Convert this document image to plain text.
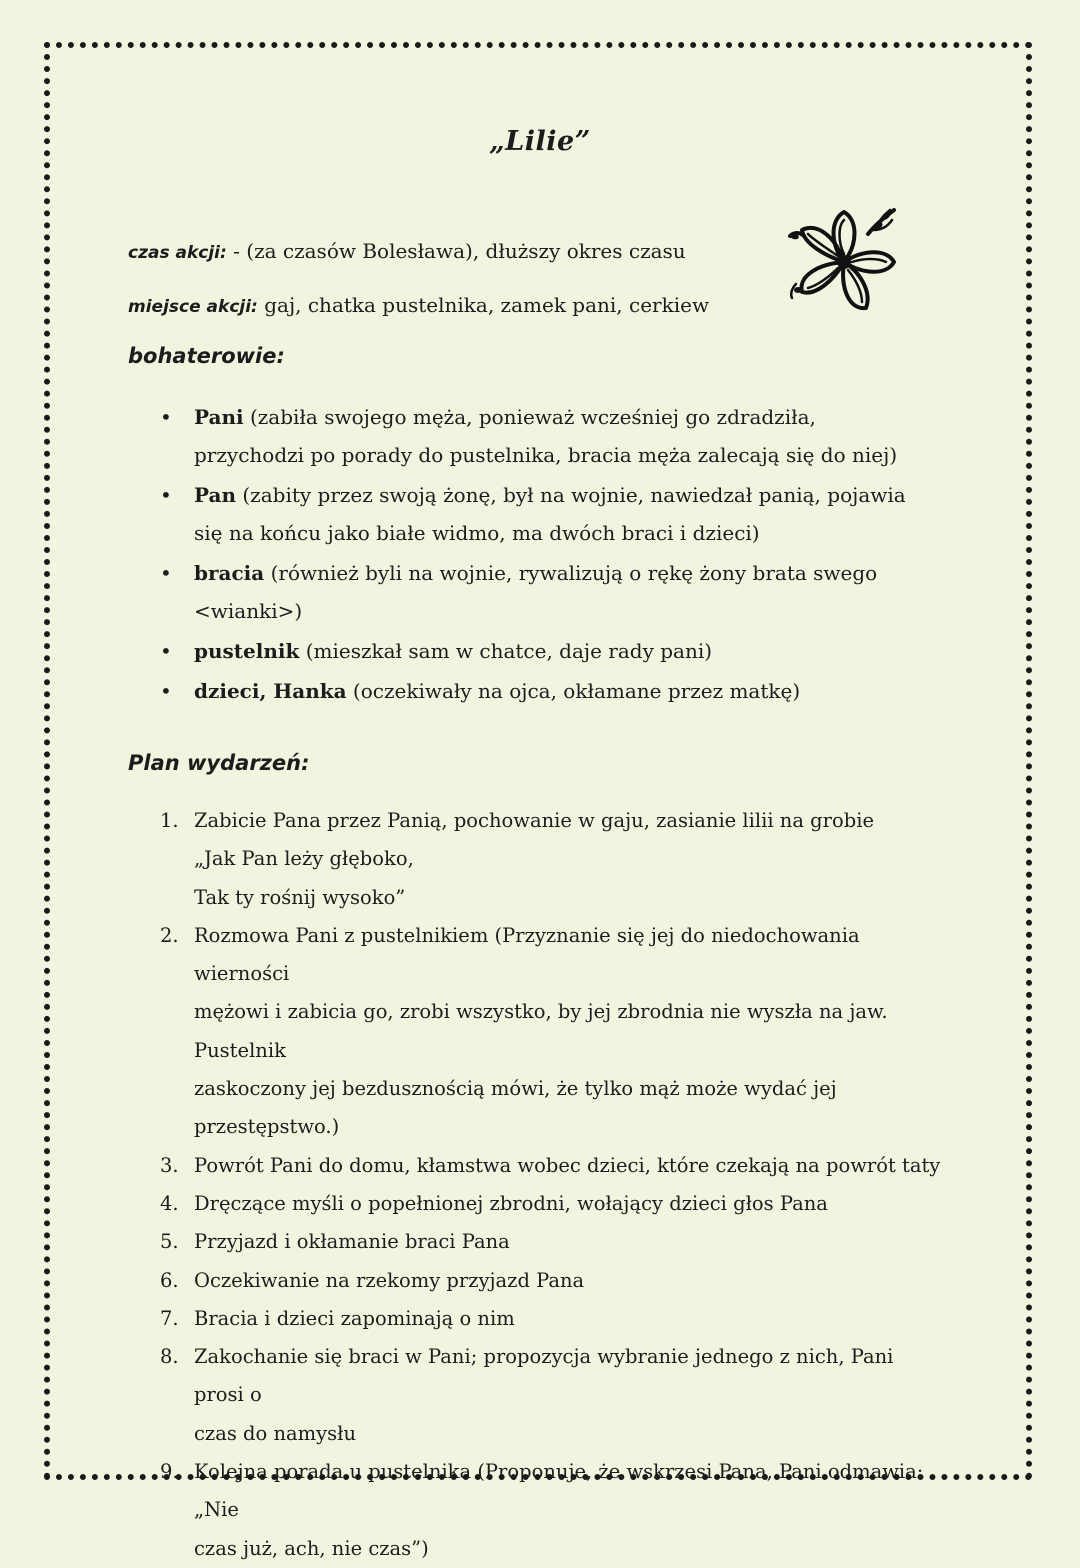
„Lilie”
czas akcji: - (za czasów Bolesława), dłuższy okres czasu
miejsce akcji: gaj, chatka pustelnika, zamek pani, cerkiew
bohaterowie:
• Pani (zabiła swojego męża, ponieważ wcześniej go zdradziła, przychodzi po porady do pustelnika, bracia męża zalecają się do niej)
• Pan (zabity przez swoją żonę, był na wojnie, nawiedzał panią, pojawia się na końcu jako białe widmo, ma dwóch braci i dzieci)
• bracia (również byli na wojnie, rywalizują o rękę żony brata swego <wianki>)
• pustelnik (mieszkał sam w chatce, daje rady pani)
• dzieci, Hanka (oczekiwały na ojca, okłamane przez matkę)
Plan wydarzeń:
1. Zabicie Pana przez Panią, pochowanie w gaju, zasianie lilii na grobie
„Jak Pan leży głęboko,
Tak ty rośnij wysoko”
2. Rozmowa Pani z pustelnikiem (Przyznanie się jej do niedochowania wierności
mężowi i zabicia go, zrobi wszystko, by jej zbrodnia nie wyszła na jaw. Pustelnik
zaskoczony jej bezdusznością mówi, że tylko mąż może wydać jej przestępstwo.)
3. Powrót Pani do domu, kłamstwa wobec dzieci, które czekają na powrót taty
4. Dręczące myśli o popełnionej zbrodni, wołający dzieci głos Pana
5. Przyjazd i okłamanie braci Pana
6. Oczekiwanie na rzekomy przyjazd Pana
7. Bracia i dzieci zapominają o nim
8. Zakochanie się braci w Pani; propozycja wybranie jednego z nich, Pani prosi o
czas do namysłu
9. Kolejna porada u pustelnika (Proponuje, że wskrzesi Pana, Pani odmawia: „Nie
czas już, ach, nie czas”)
